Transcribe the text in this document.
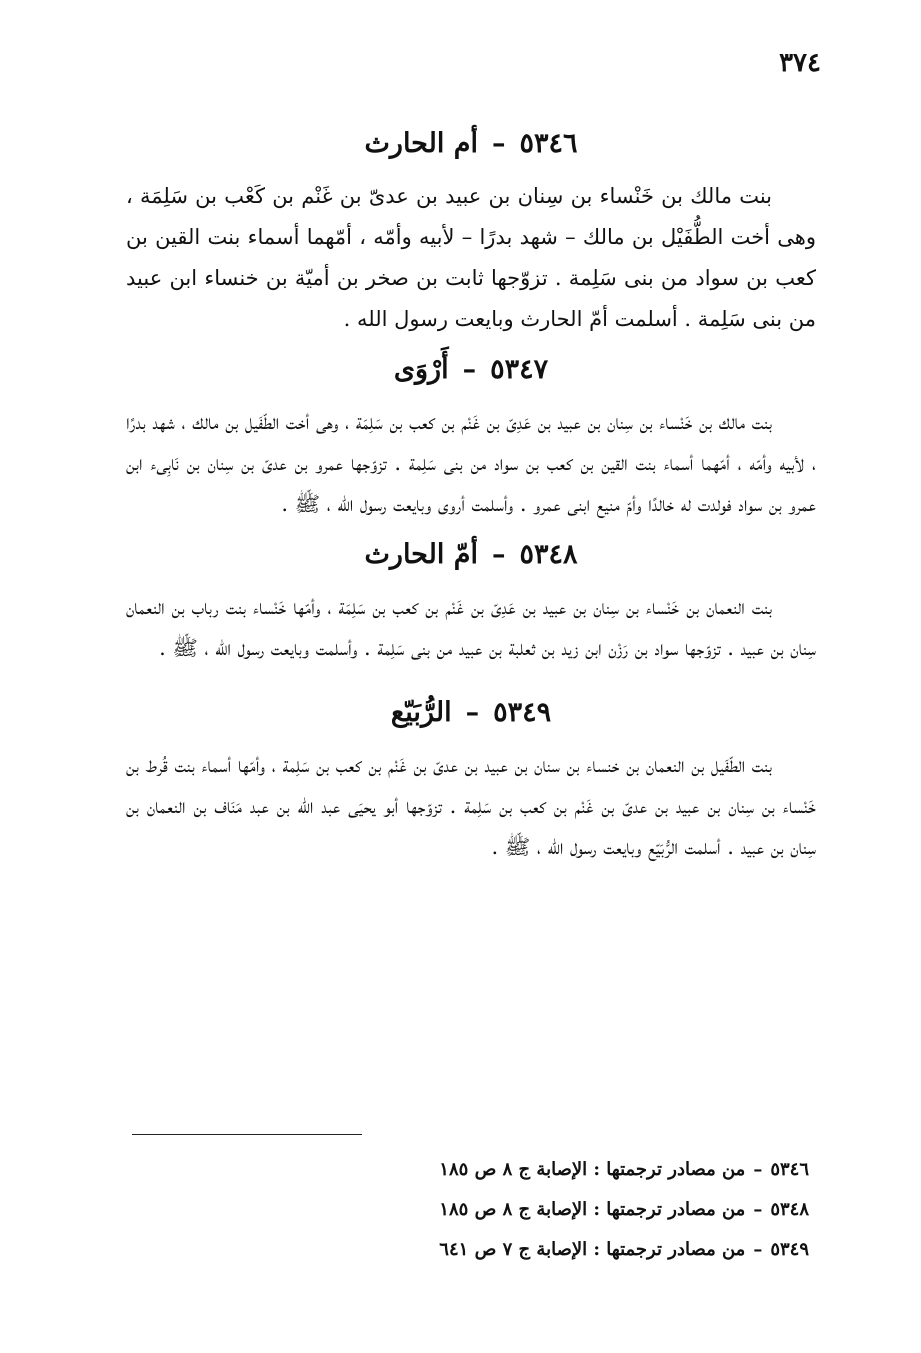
٣٧٤
٥٣٤٦–أم الحارث

بنت مالك بن خَنْساء بن سِنان بن عبيد بن عدىّ بن غَنْم بن كَعْب بن سَلِمَة ، وهى أخت الطُّفَيْل بن مالك – شهد بدرًا – لأبيه وأمّه ، أمّهما أسماء بنت القين بن كعب بن سواد من بنى سَلِمة . تزوّجها ثابت بن صخر بن أميّة بن خنساء ابن عبيد من بنى سَلِمة . أسلمت أمّ الحارث وبايعت رسول الله .

٥٣٤٧–أَرْوَى

بنت مالك بن خَنْساء بن سِنان بن عبيد بن عَدِىّ بن غَنْم بن كعب بن سَلِمَة ، وهى أخت الطّفَيل بن مالك ، شهد بدرًا ، لأبيه وأمّه ، أمّهما أسماء بنت القين بن كعب بن سواد من بنى سَلِمة . تزوّجها عمرو بن عدىّ بن سِنان بن نَابِىء ابن عمرو بن سواد فولدت له خالدًا وأمّ منيع ابنى عمرو . وأسلمت أروى وبايعت رسول الله ، ﷺ .

٥٣٤٨–أمّ الحارث

بنت النعمان بن خَنْساء بن سِنان بن عبيد بن عَدِىّ بن غَنْم بن كعب بن سَلِمَة ، وأمّها خَنْساء بنت رباب بن النعمان سِنان بن عبيد . تزوّجها سواد بن رَزْن ابن زيد بن ثعلبة بن عبيد من بنى سَلِمة . وأسلمت وبايعت رسول الله ، ﷺ .

٥٣٤٩–الرُّبَيّع

بنت الطّفَيل بن النعمان بن خنساء بن سنان بن عبيد بن عدىّ بن غَنْم بن كعب بن سَلِمة ، وأمّها أسماء بنت قُرط بن خَنْساء بن سِنان بن عبيد بن عدىّ بن غَنْم بن كعب بن سَلِمة . تزوّجها أبو يحيَى عبد الله بن عبد مَنَاف بن النعمان بن سِنان بن عبيد . أسلمت الرُّبَيّع وبايعت رسول الله ، ﷺ .

٥٣٤٦–من مصادر ترجمتها : الإصابة ج ٨ ص ١٨٥
٥٣٤٨–من مصادر ترجمتها : الإصابة ج ٨ ص ١٨٥
٥٣٤٩–من مصادر ترجمتها : الإصابة ج ٧ ص ٦٤١
